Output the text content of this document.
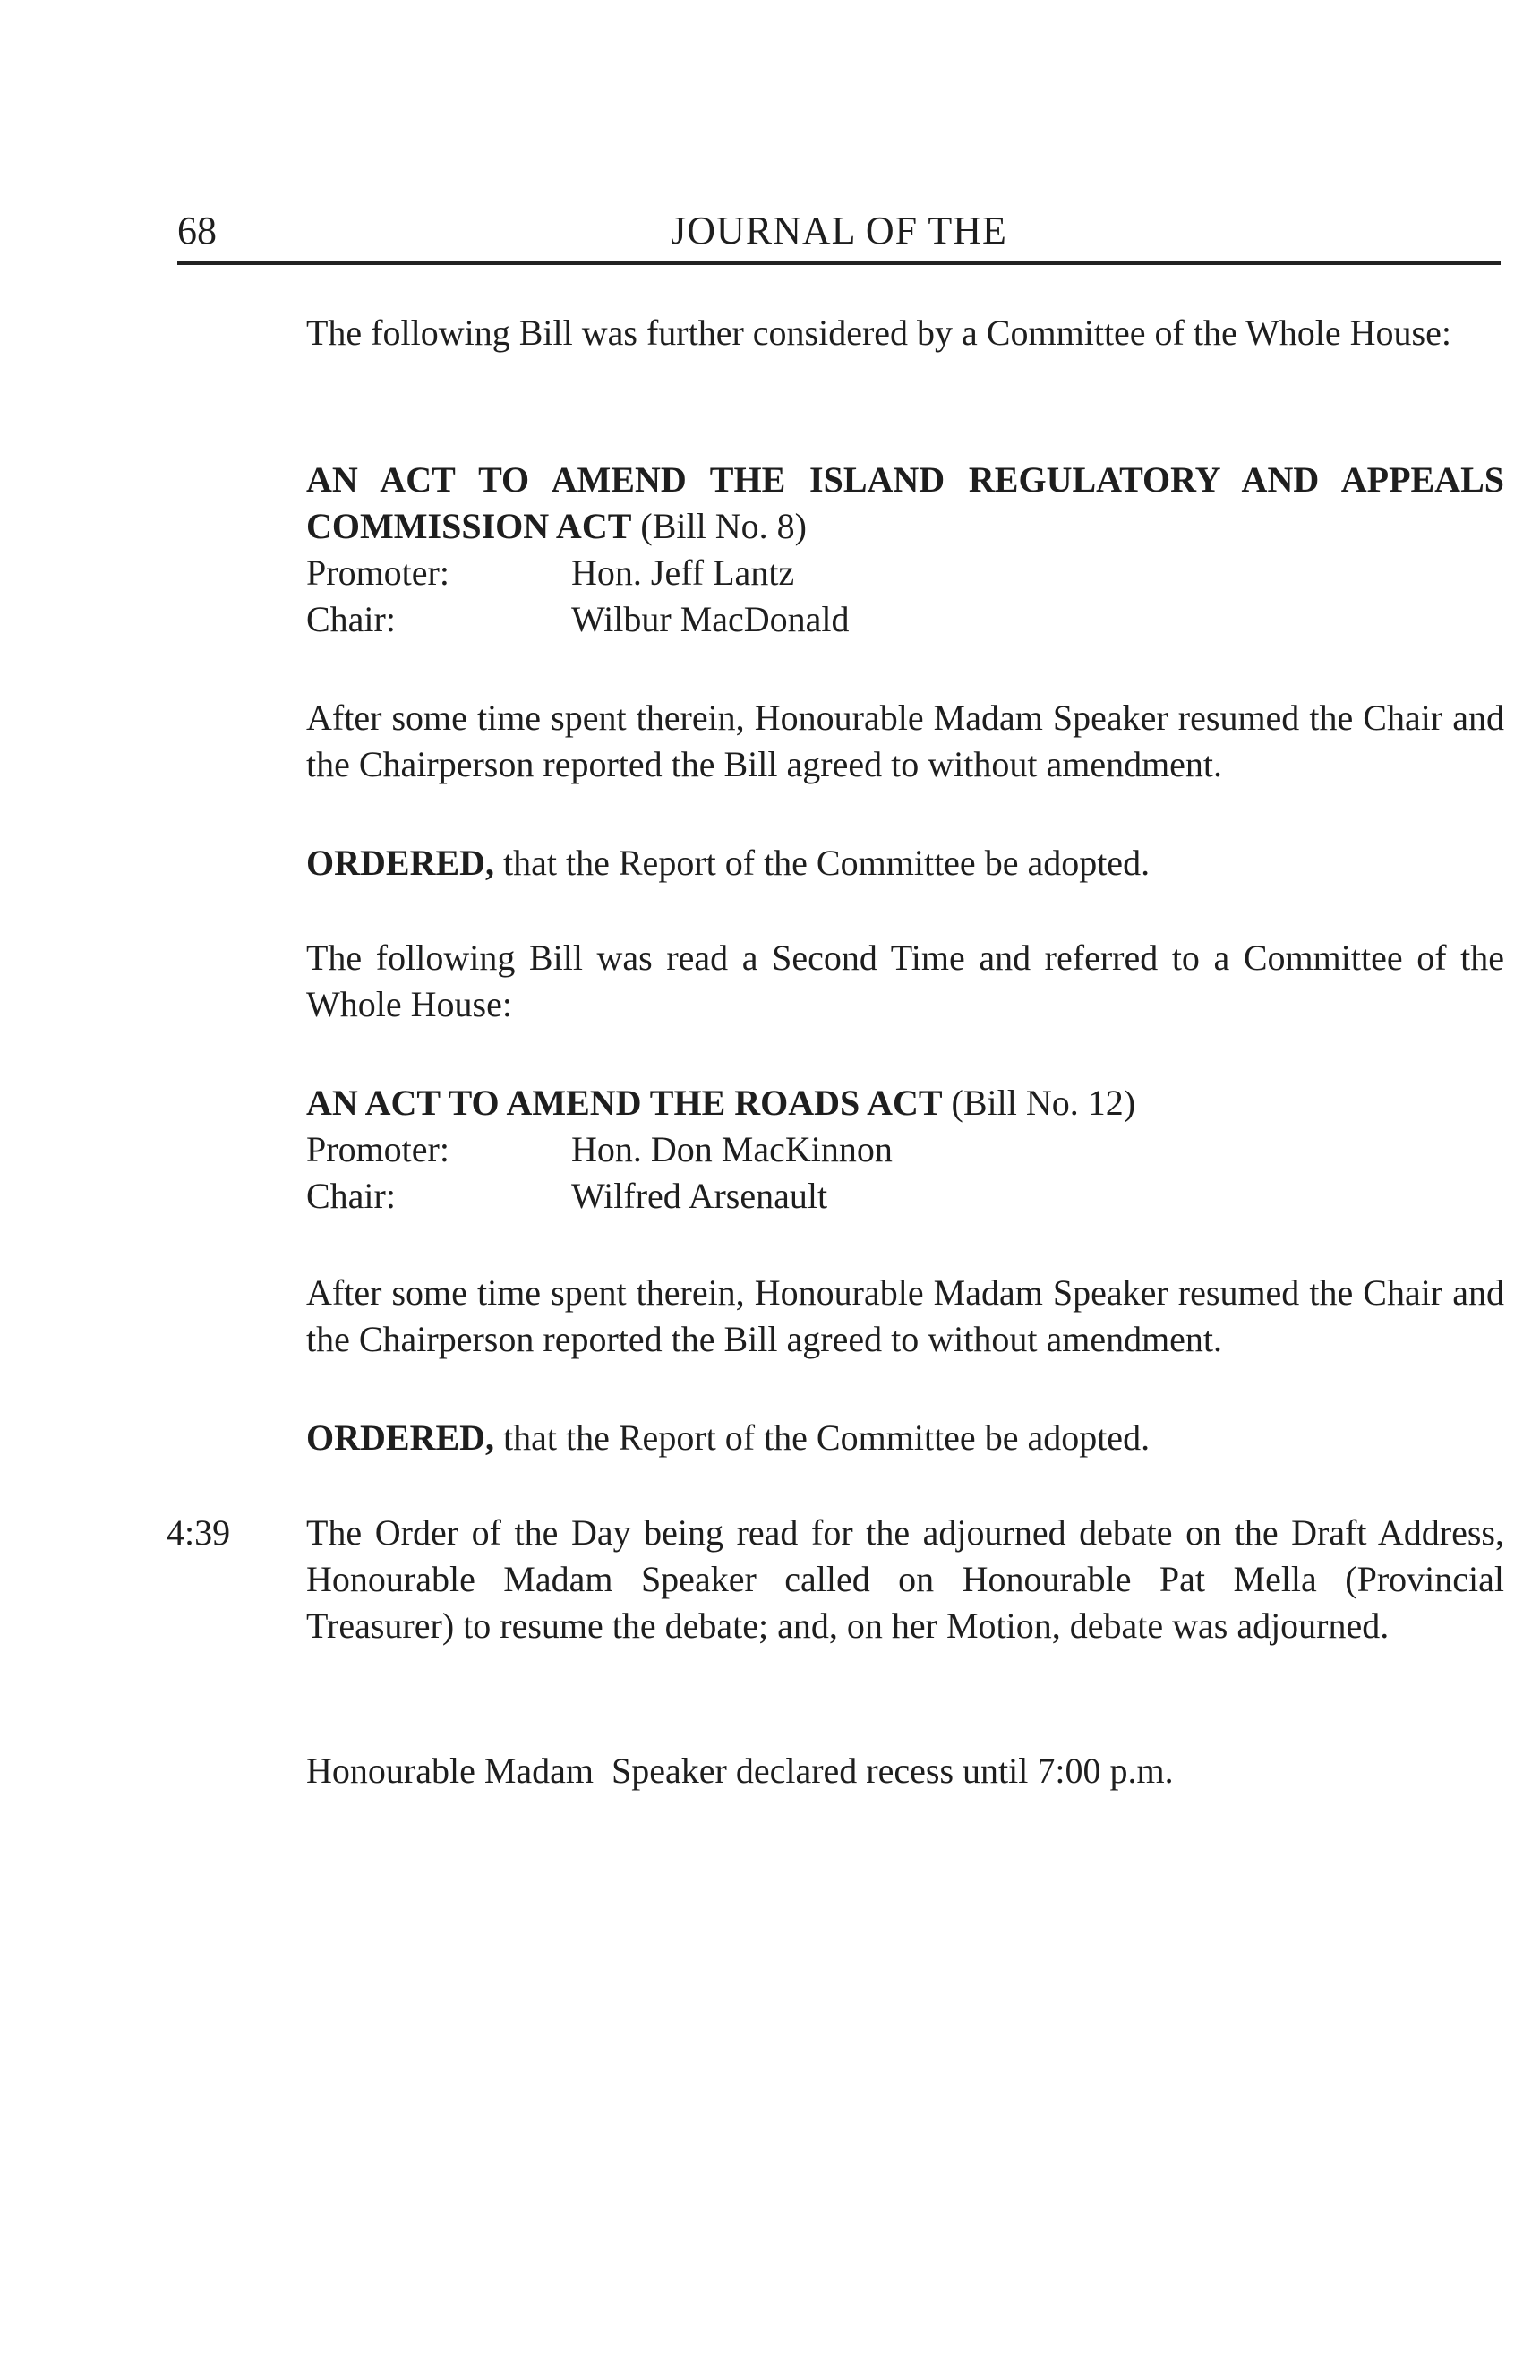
68	JOURNAL OF THE
The following Bill was further considered by a Committee of the Whole House:
AN ACT TO AMEND THE ISLAND REGULATORY AND APPEALS COMMISSION ACT (Bill No. 8)
Promoter:	Hon. Jeff Lantz
Chair:	Wilbur MacDonald
After some time spent therein, Honourable Madam Speaker resumed the Chair and the Chairperson reported the Bill agreed to without amendment.
ORDERED, that the Report of the Committee be adopted.
The following Bill was read a Second Time and referred to a Committee of the Whole House:
AN ACT TO AMEND THE ROADS ACT (Bill No. 12)
Promoter:	Hon. Don MacKinnon
Chair:	Wilfred Arsenault
After some time spent therein, Honourable Madam Speaker resumed the Chair and the Chairperson reported the Bill agreed to without amendment.
ORDERED, that the Report of the Committee be adopted.
4:39 The Order of the Day being read for the adjourned debate on the Draft Address, Honourable Madam Speaker called on Honourable Pat Mella (Provincial Treasurer) to resume the debate; and, on her Motion, debate was adjourned.
Honourable Madam  Speaker declared recess until 7:00 p.m.
